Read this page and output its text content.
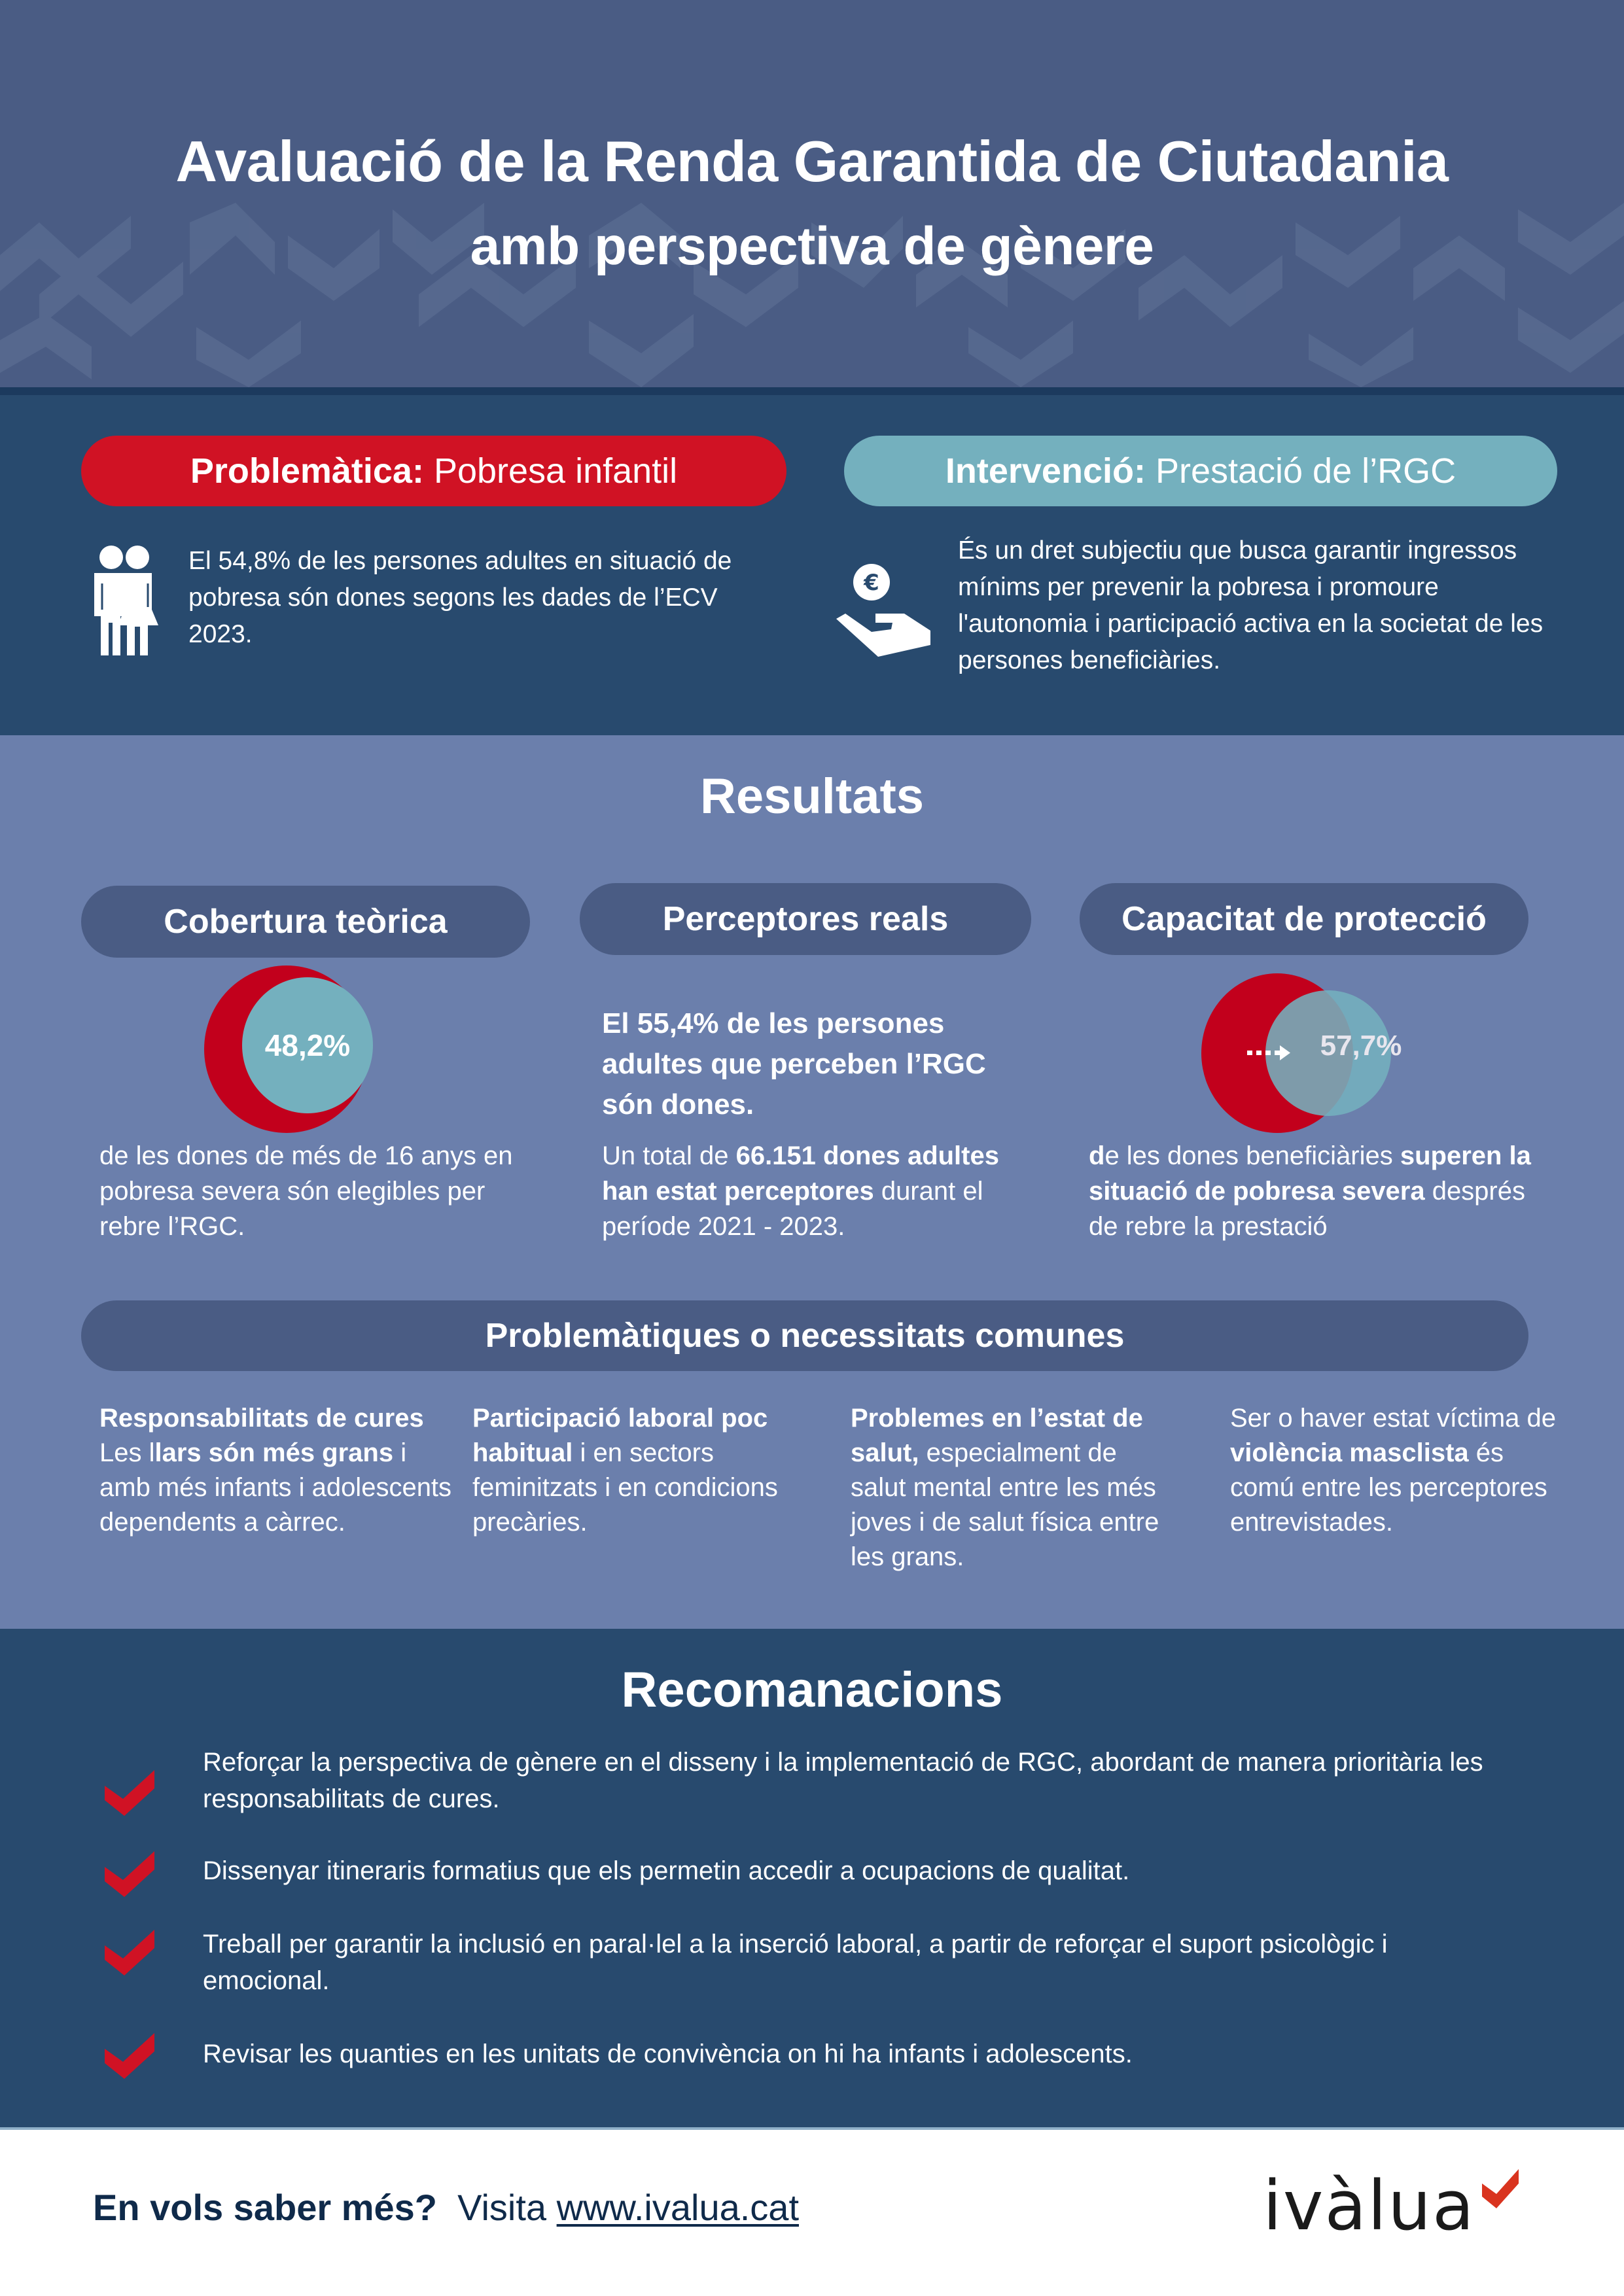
Avaluació de la Renda Garantida de Ciutadania
amb perspectiva de gènere
Problemàtica: Pobresa infantil	Intervenció: Prestació de l’RGC
El 54,8% de les persones adultes en situació de pobresa són dones segons les dades de l’ECV 2023.
€
És un dret subjectiu que busca garantir ingressos mínims per prevenir la pobresa i promoure l'autonomia i participació activa en la societat de les persones beneficiàries.
Resultats
Cobertura teòrica
48,2%
de les dones de més de 16 anys en pobresa severa són elegibles per rebre l’RGC.
Perceptores reals
El 55,4% de les persones adultes que perceben l’RGC són dones.
Un total de 66.151 dones adultes han estat perceptores durant el període 2021 - 2023.
Capacitat de protecció
57,7%
de les dones beneficiàries superen la situació de pobresa severa després de rebre la prestació
Problemàtiques o necessitats comunes
Responsabilitats de cures
Les llars són més grans i amb més infants i adolescents dependents a càrrec.
Participació laboral poc habitual i en sectors feminitzats i en condicions precàries.
Problemes en l’estat de salut, especialment de salut mental entre les més joves i de salut física entre les grans.
Ser o haver estat víctima de violència masclista és comú entre les perceptores entrevistades.
Recomanacions
Reforçar la perspectiva de gènere en el disseny i la implementació de RGC, abordant de manera prioritària les responsabilitats de cures.
Dissenyar itineraris formatius que els permetin accedir a ocupacions de qualitat.
Treball per garantir la inclusió en paral·lel a la inserció laboral, a partir de reforçar el suport psicològic i emocional.
Revisar les quanties en les unitats de convivència on hi ha infants i adolescents.
En vols saber més?  Visita www.ivalua.cat	ivàlua
